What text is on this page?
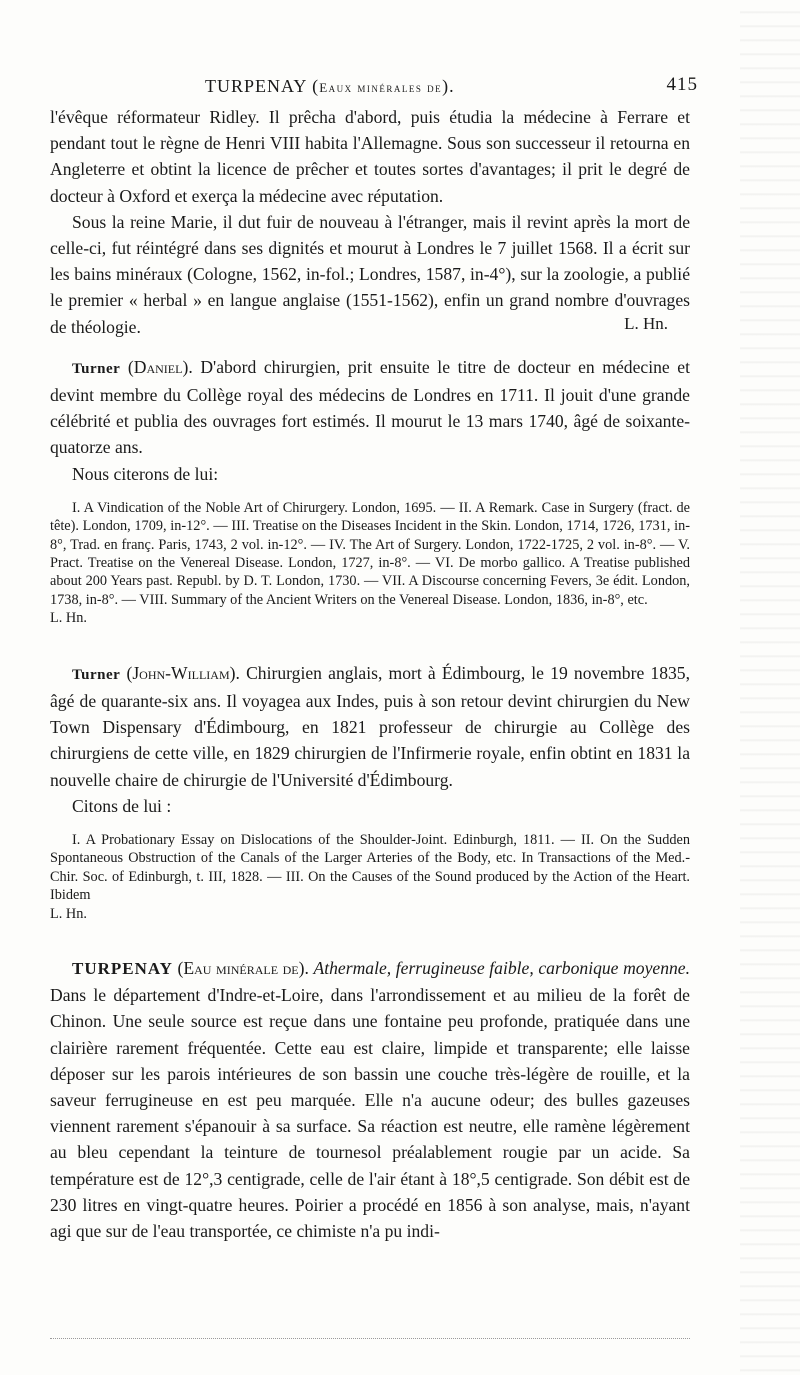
TURPENAY (Eaux minérales de).	415

l'évêque réformateur Ridley. Il prêcha d'abord, puis étudia la médecine à Ferrare et pendant tout le règne de Henri VIII habita l'Allemagne. Sous son successeur il retourna en Angleterre et obtint la licence de prêcher et toutes sortes d'avantages; il prit le degré de docteur à Oxford et exerça la médecine avec réputation.

Sous la reine Marie, il dut fuir de nouveau à l'étranger, mais il revint après la mort de celle-ci, fut réintégré dans ses dignités et mourut à Londres le 7 juillet 1568. Il a écrit sur les bains minéraux (Cologne, 1562, in-fol.; Londres, 1587, in-4°), sur la zoologie, a publié le premier « herbal » en langue anglaise (1551-1562), enfin un grand nombre d'ouvrages de théologie.	L. Hn.

Turner (Daniel). D'abord chirurgien, prit ensuite le titre de docteur en médecine et devint membre du Collège royal des médecins de Londres en 1711. Il jouit d'une grande célébrité et publia des ouvrages fort estimés. Il mourut le 13 mars 1740, âgé de soixante-quatorze ans.

Nous citerons de lui:

I. A Vindication of the Noble Art of Chirurgery. London, 1695. — II. A Remark. Case in Surgery (fract. de tête). London, 1709, in-12°. — III. Treatise on the Diseases Incident in the Skin. London, 1714, 1726, 1731, in-8°, Trad. en franç. Paris, 1743, 2 vol. in-12°. — IV. The Art of Surgery. London, 1722-1725, 2 vol. in-8°. — V. Pract. Treatise on the Venereal Disease. London, 1727, in-8°. — VI. De morbo gallico. A Treatise published about 200 Years past. Republ. by D. T. London, 1730. — VII. A Discourse concerning Fevers, 3e édit. London, 1738, in-8°. — VIII. Summary of the Ancient Writers on the Venereal Disease. London, 1836, in-8°, etc.

L. Hn.

Turner (John-William). Chirurgien anglais, mort à Édimbourg, le 19 novembre 1835, âgé de quarante-six ans. Il voyagea aux Indes, puis à son retour devint chirurgien du New Town Dispensary d'Édimbourg, en 1821 professeur de chirurgie au Collège des chirurgiens de cette ville, en 1829 chirurgien de l'Infirmerie royale, enfin obtint en 1831 la nouvelle chaire de chirurgie de l'Université d'Édimbourg.

Citons de lui :

I. A Probationary Essay on Dislocations of the Shoulder-Joint. Edinburgh, 1811. — II. On the Sudden Spontaneous Obstruction of the Canals of the Larger Arteries of the Body, etc. In Transactions of the Med.-Chir. Soc. of Edinburgh, t. III, 1828. — III. On the Causes of the Sound produced by the Action of the Heart. Ibidem

L. Hn.

TURPENAY (Eau minérale de). Athermale, ferrugineuse faible, carbonique moyenne. Dans le département d'Indre-et-Loire, dans l'arrondissement et au milieu de la forêt de Chinon. Une seule source est reçue dans une fontaine peu profonde, pratiquée dans une clairière rarement fréquentée. Cette eau est claire, limpide et transparente; elle laisse déposer sur les parois intérieures de son bassin une couche très-légère de rouille, et la saveur ferrugineuse en est peu marquée. Elle n'a aucune odeur; des bulles gazeuses viennent rarement s'épanouir à sa surface. Sa réaction est neutre, elle ramène légèrement au bleu cependant la teinture de tournesol préalablement rougie par un acide. Sa température est de 12°,3 centigrade, celle de l'air étant à 18°,5 centigrade. Son débit est de 230 litres en vingt-quatre heures. Poirier a procédé en 1856 à son analyse, mais, n'ayant agi que sur de l'eau transportée, ce chimiste n'a pu indi-
